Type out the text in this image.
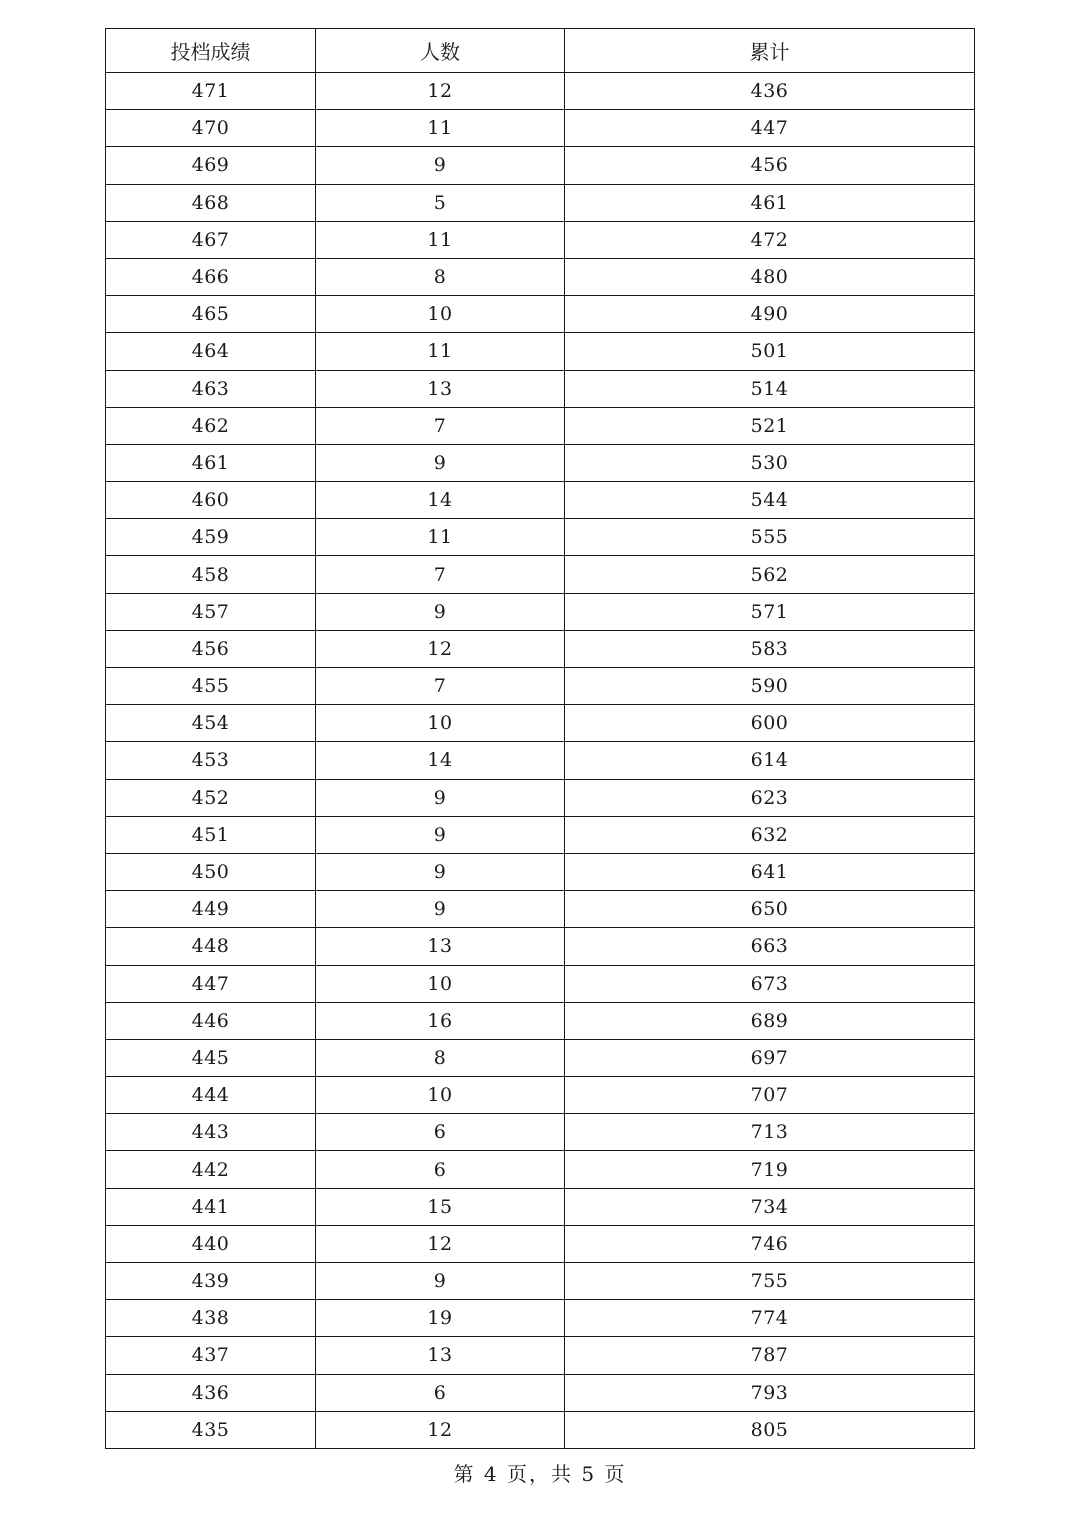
投档成绩	人数	累计
471	12	436
470	11	447
469	9	456
468	5	461
467	11	472
466	8	480
465	10	490
464	11	501
463	13	514
462	7	521
461	9	530
460	14	544
459	11	555
458	7	562
457	9	571
456	12	583
455	7	590
454	10	600
453	14	614
452	9	623
451	9	632
450	9	641
449	9	650
448	13	663
447	10	673
446	16	689
445	8	697
444	10	707
443	6	713
442	6	719
441	15	734
440	12	746
439	9	755
438	19	774
437	13	787
436	6	793
435	12	805
第 4 页，共 5 页
